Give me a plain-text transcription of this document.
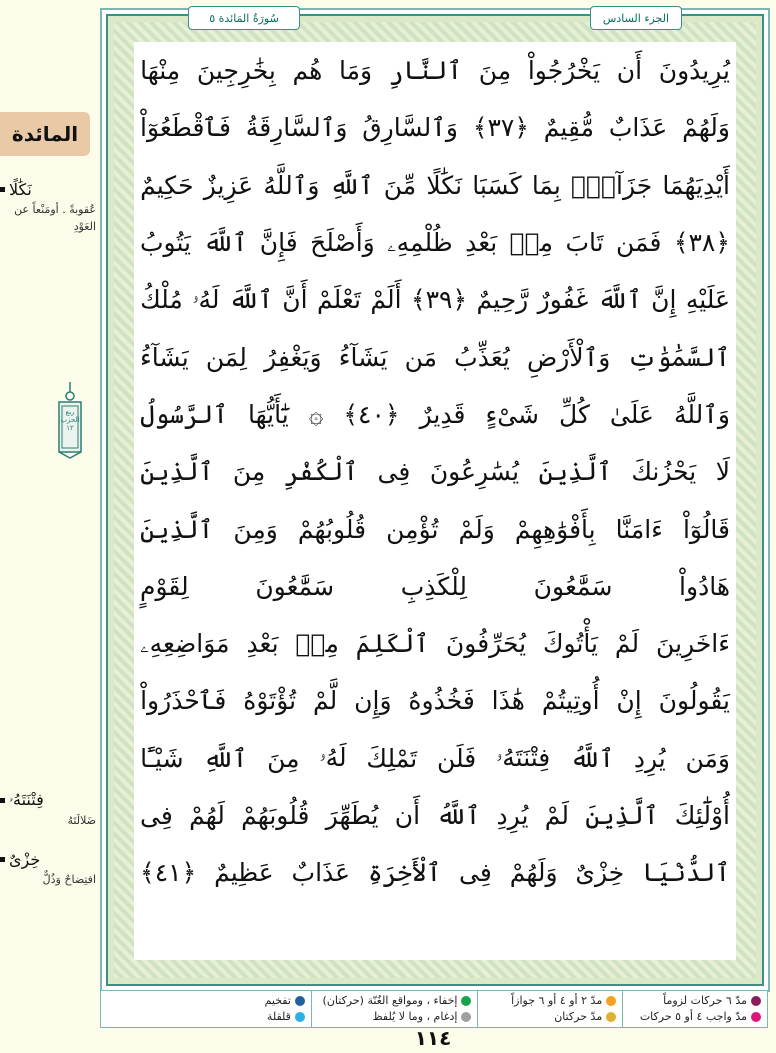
المائدة
نَكَٰلًا
عُقوبةً . أومَنْعاً عن العَوْدِ
ربع الحزب ١٢
فِتْنَتَهُۥ
ضَلالَتَهُ
خِزْىٌ
افتِضاحٌ وَذُلٌّ
سُورَةُ المَائدة ٥	الجزء السادس
يُرِيدُونَ
أَن
يَخْرُجُواْ
مِنَ
ٱلنَّارِ
وَمَا
هُم
بِخَٰرِجِينَ
مِنْهَا
وَلَهُمْ
عَذَابٌ
مُّقِيمٌ
﴿٣٧﴾
وَٱلسَّارِقُ
وَٱلسَّارِقَةُ
فَٱقْطَعُوٓاْ
أَيْدِيَهُمَا
جَزَآءًۢ
بِمَا
كَسَبَا
نَكَٰلًا
مِّنَ
ٱللَّهِ
وَٱللَّهُ
عَزِيزٌ
حَكِيمٌ
﴿٣٨﴾
فَمَن
تَابَ
مِنۢ
بَعْدِ
ظُلْمِهِۦ
وَأَصْلَحَ
فَإِنَّ
ٱللَّهَ
يَتُوبُ
عَلَيْهِ
إِنَّ
ٱللَّهَ
غَفُورٌ
رَّحِيمٌ
﴿٣٩﴾
أَلَمْ
تَعْلَمْ
أَنَّ
ٱللَّهَ
لَهُۥ
مُلْكُ
ٱلسَّمَٰوَٰتِ
وَٱلْأَرْضِ
يُعَذِّبُ
مَن
يَشَآءُ
وَيَغْفِرُ
لِمَن
يَشَآءُ
وَٱللَّهُ
عَلَىٰ
كُلِّ
شَىْءٍ
قَدِيرٌ
﴿٤٠﴾
۞
يَٰٓأَيُّهَا
ٱلرَّسُولُ
لَا
يَحْزُنكَ
ٱلَّذِينَ
يُسَٰرِعُونَ
فِى
ٱلْكُفْرِ
مِنَ
ٱلَّذِينَ
قَالُوٓاْ
ءَامَنَّا
بِأَفْوَٰهِهِمْ
وَلَمْ
تُؤْمِن
قُلُوبُهُمْ
وَمِنَ
ٱلَّذِينَ
هَادُواْ
سَمَّٰعُونَ
لِلْكَذِبِ
سَمَّٰعُونَ
لِقَوْمٍ
ءَاخَرِينَ
لَمْ
يَأْتُوكَ
يُحَرِّفُونَ
ٱلْكَلِمَ
مِنۢ
بَعْدِ
مَوَاضِعِهِۦ
يَقُولُونَ
إِنْ
أُوتِيتُمْ
هَٰذَا
فَخُذُوهُ
وَإِن
لَّمْ
تُؤْتَوْهُ
فَٱحْذَرُواْ
وَمَن
يُرِدِ
ٱللَّهُ
فِتْنَتَهُۥ
فَلَن
تَمْلِكَ
لَهُۥ
مِنَ
ٱللَّهِ
شَيْـًٔا
أُوْلَٰٓئِكَ
ٱلَّذِينَ
لَمْ
يُرِدِ
ٱللَّهُ
أَن
يُطَهِّرَ
قُلُوبَهُمْ
لَهُمْ
فِى
ٱلدُّنْيَا
خِزْىٌ
وَلَهُمْ
فِى
ٱلْأَخِرَةِ
عَذَابٌ
عَظِيمٌ
﴿٤١﴾
مدّ ٦ حركات لزوماً
مدّ واجب ٤ أو ٥ حركات
مدّ ٢ أو ٤ أو ٦ جوازاً
مدّ حركتان
إخفاء ، ومواقع الغُنّة (حركتان)
إدغام ، وما لا يُلفظ
تفخيم
قلقلة
١١٤
